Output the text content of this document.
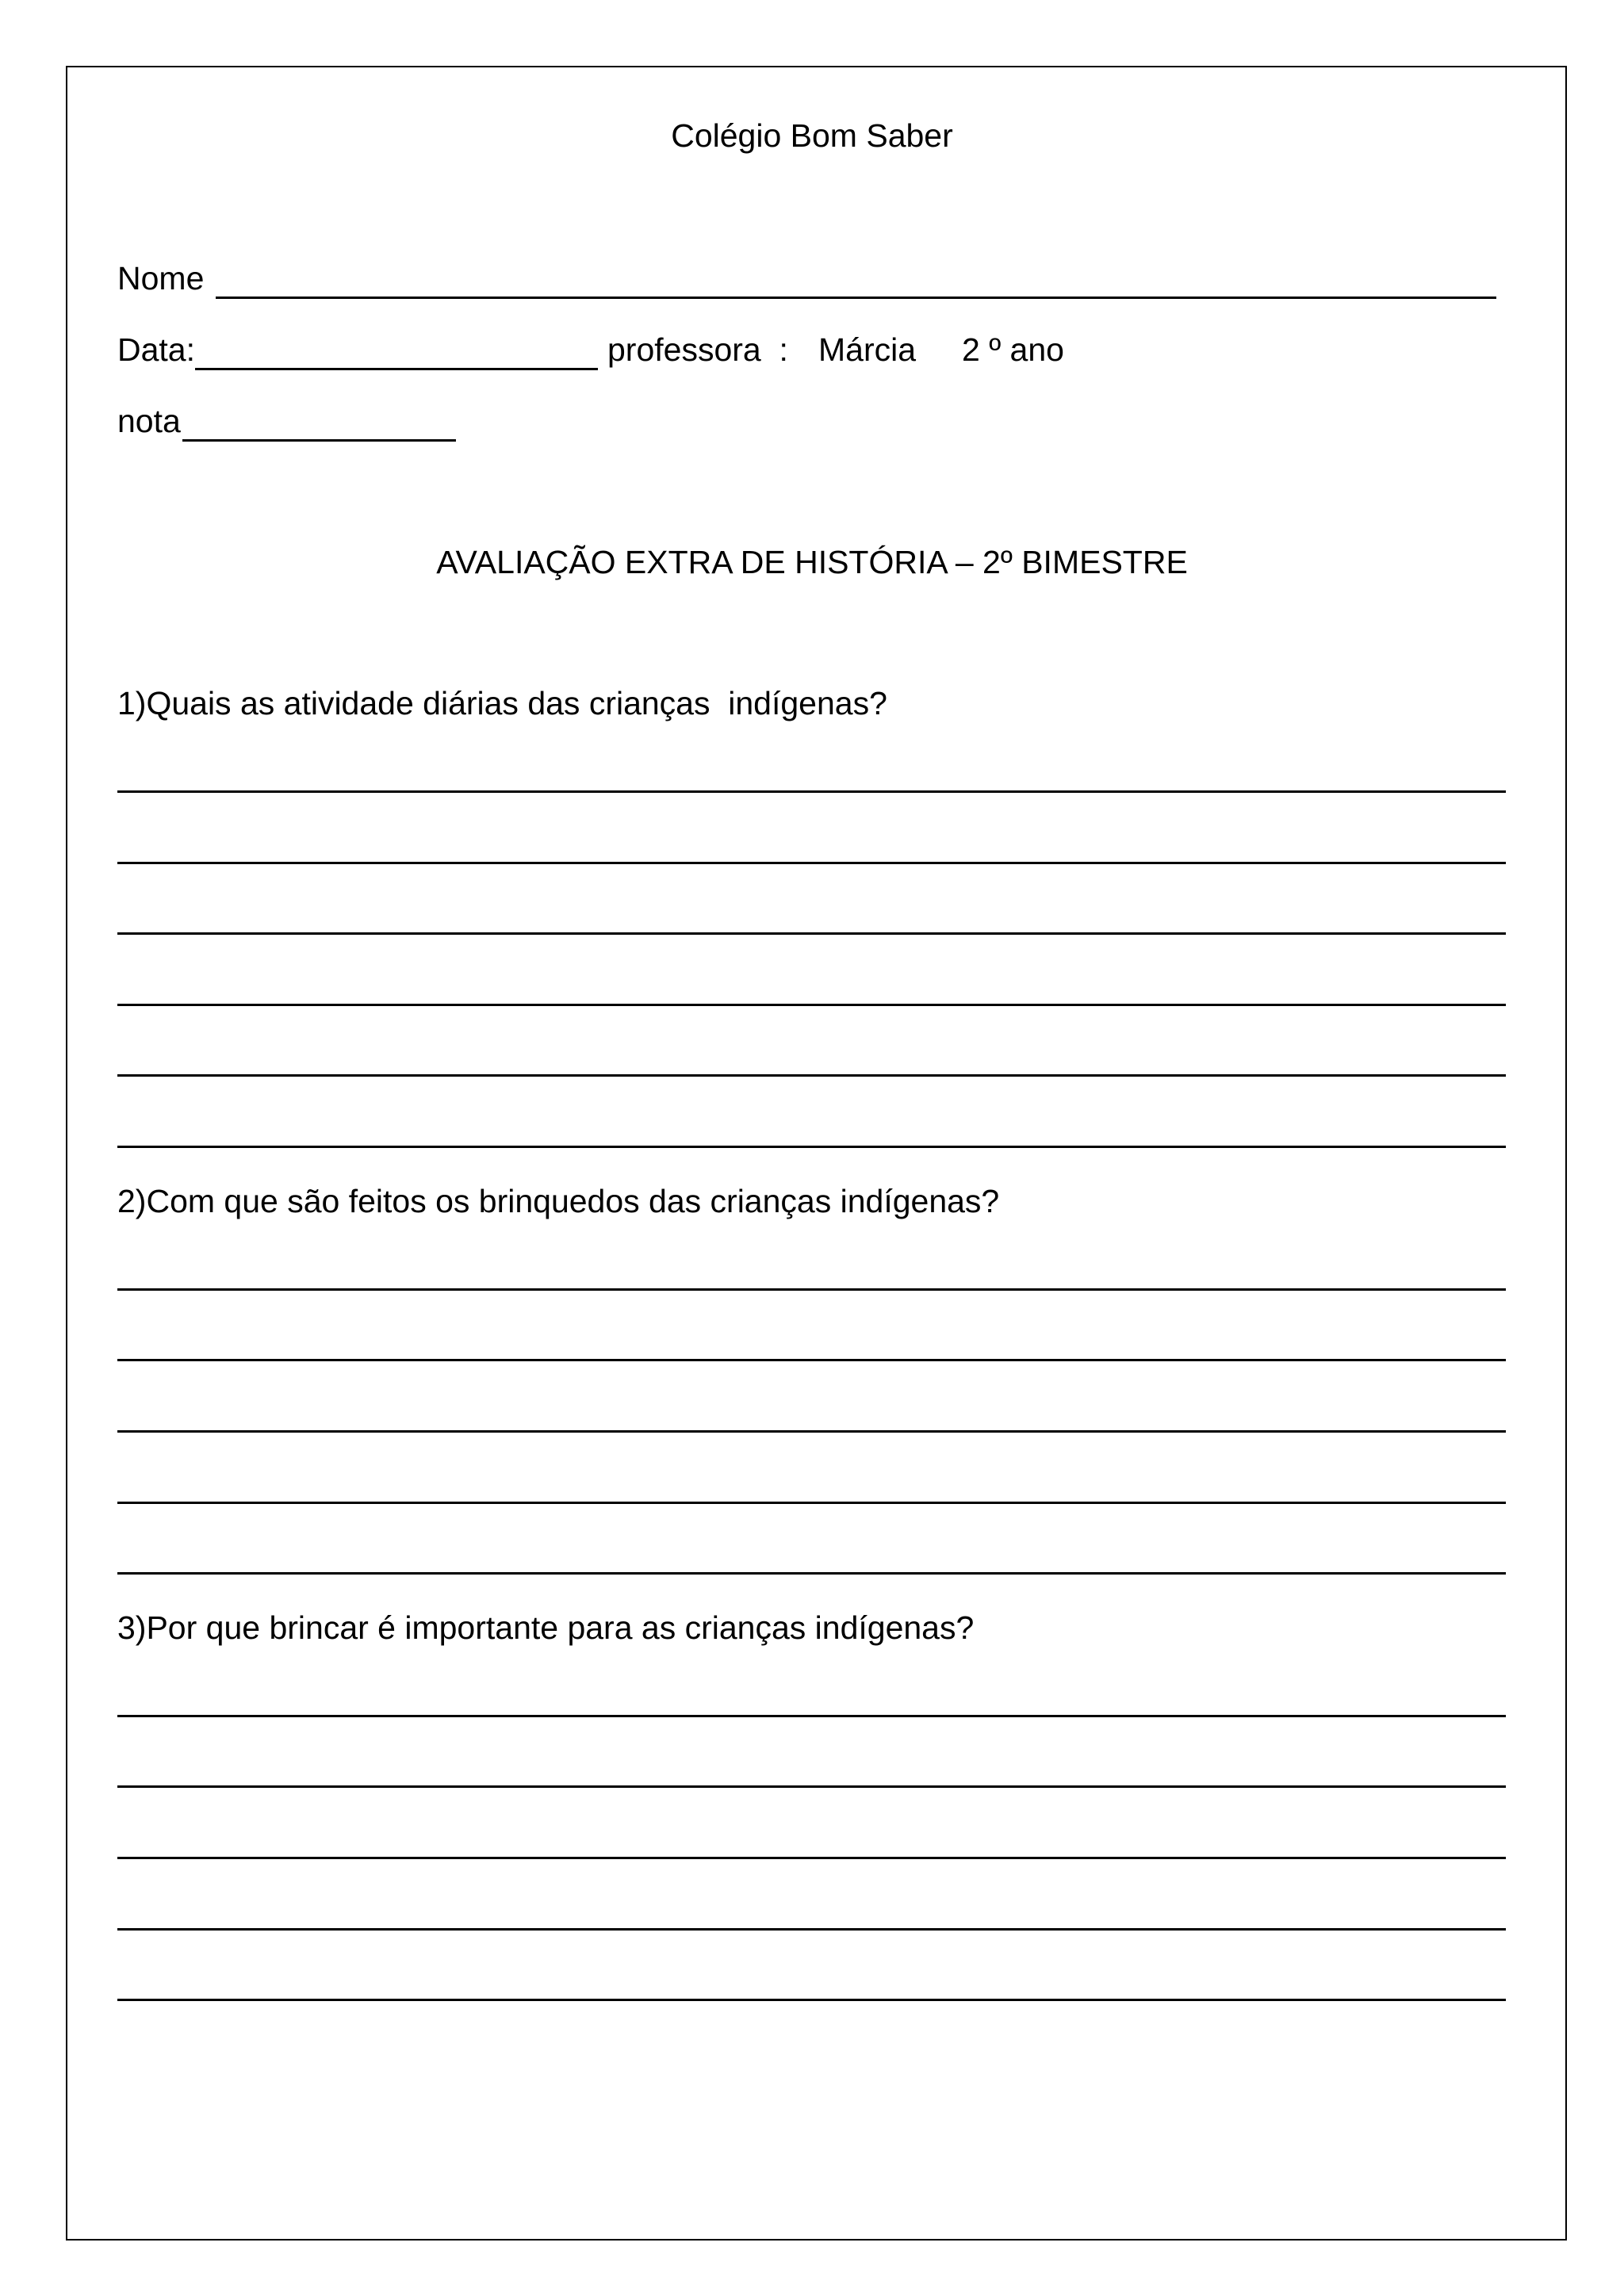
Colégio Bom Saber
Nome
Data:	professora  : Márcia 2 º ano
nota
AVALIAÇÃO EXTRA DE HISTÓRIA – 2º BIMESTRE
1)Quais as atividade diárias das crianças  indígenas?
2)Com que são feitos os brinquedos das crianças indígenas?
3)Por que brincar é importante para as crianças indígenas?
